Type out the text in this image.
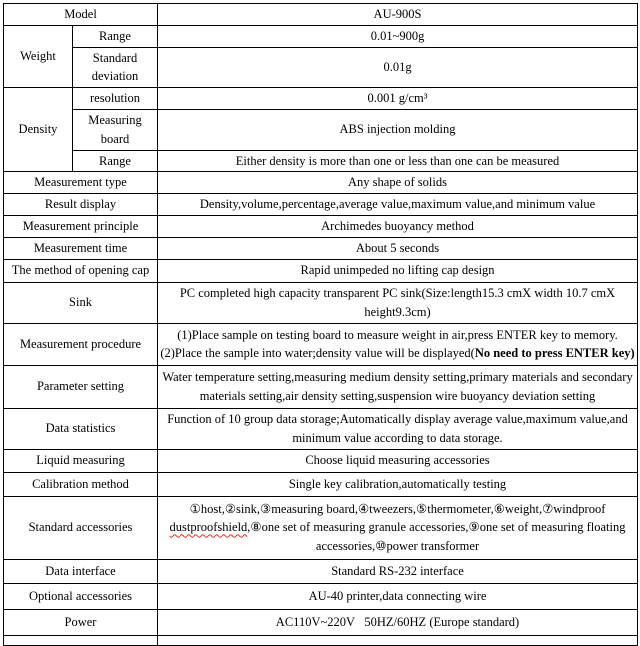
Model		AU-900S
Weight	Range	0.01~900g
	Standard deviation	0.01g
Density	resolution	0.001 g/cm³
	Measuring board	ABS injection molding
	Range	Either density is more than one or less than one can be measured
Measurement type		Any shape of solids
Result display		Density,volume,percentage,average value,maximum value,and minimum value
Measurement principle		Archimedes buoyancy method
Measurement time		About 5 seconds
The method of opening cap		Rapid unimpeded no lifting cap design
Sink		PC completed high capacity transparent PC sink(Size:length15.3 cmX width 10.7 cmX height9.3cm)
Measurement procedure		(1)Place sample on testing board to measure weight in air,press ENTER key to memory.
(2)Place the sample into water;density value will be displayed(No need to press ENTER key)

Parameter setting		Water temperature setting,measuring medium density setting,primary materials and secondary materials setting,air density setting,suspension wire buoyancy deviation setting
Data statistics		Function of 10 group data storage;Automatically display average value,maximum value,and minimum value according to data storage.
Liquid measuring		Choose liquid measuring accessories
Calibration method		Single key calibration,automatically testing
Standard accessories		①host,②sink,③measuring board,④tweezers,⑤thermometer,⑥weight,⑦windproof dustproofshield,⑧one set of measuring granule accessories,⑨one set of measuring floating accessories,⑩power transformer
Data interface		Standard RS-232 interface
Optional accessories		AU-40 printer,data connecting wire
Power		AC110V~220V   50HZ/60HZ (Europe standard)
